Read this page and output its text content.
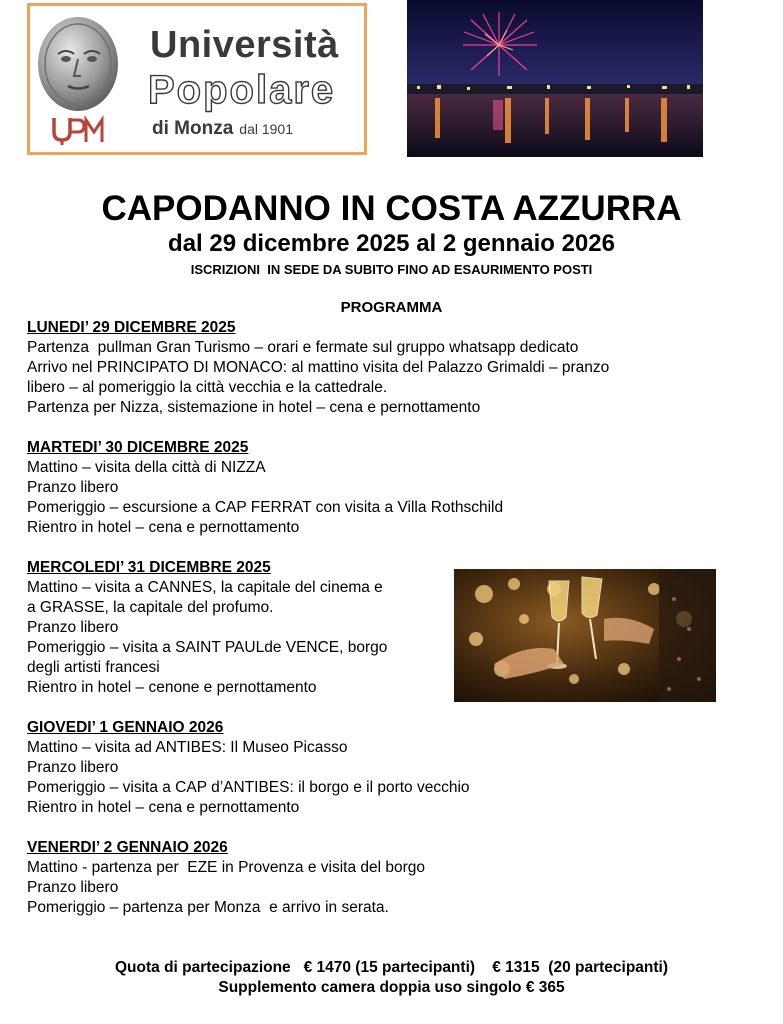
Università
Popolare
di Monza dal 1901
CAPODANNO IN COSTA AZZURRA
dal 29 dicembre 2025 al 2 gennaio 2026
ISCRIZIONI  IN SEDE DA SUBITO FINO AD ESAURIMENTO POSTI
PROGRAMMA
LUNEDI’ 29 DICEMBRE 2025
Partenza  pullman Gran Turismo – orari e fermate sul gruppo whatsapp dedicato
Arrivo nel PRINCIPATO DI MONACO: al mattino visita del Palazzo Grimaldi – pranzo
libero – al pomeriggio la città vecchia e la cattedrale.
Partenza per Nizza, sistemazione in hotel – cena e pernottamento
MARTEDI’ 30 DICEMBRE 2025
Mattino – visita della città di NIZZA
Pranzo libero
Pomeriggio – escursione a CAP FERRAT con visita a Villa Rothschild
Rientro in hotel – cena e pernottamento
MERCOLEDI’ 31 DICEMBRE 2025
Mattino – visita a CANNES, la capitale del cinema e
a GRASSE, la capitale del profumo.
Pranzo libero
Pomeriggio – visita a SAINT PAULde VENCE, borgo
degli artisti francesi
Rientro in hotel – cenone e pernottamento
GIOVEDI’ 1 GENNAIO 2026
Mattino – visita ad ANTIBES: Il Museo Picasso
Pranzo libero
Pomeriggio – visita a CAP d’ANTIBES: il borgo e il porto vecchio
Rientro in hotel – cena e pernottamento
VENERDI’ 2 GENNAIO 2026
Mattino - partenza per  EZE in Provenza e visita del borgo
Pranzo libero
Pomeriggio – partenza per Monza  e arrivo in serata.
Quota di partecipazione   € 1470 (15 partecipanti)    € 1315  (20 partecipanti)
Supplemento camera doppia uso singolo € 365
